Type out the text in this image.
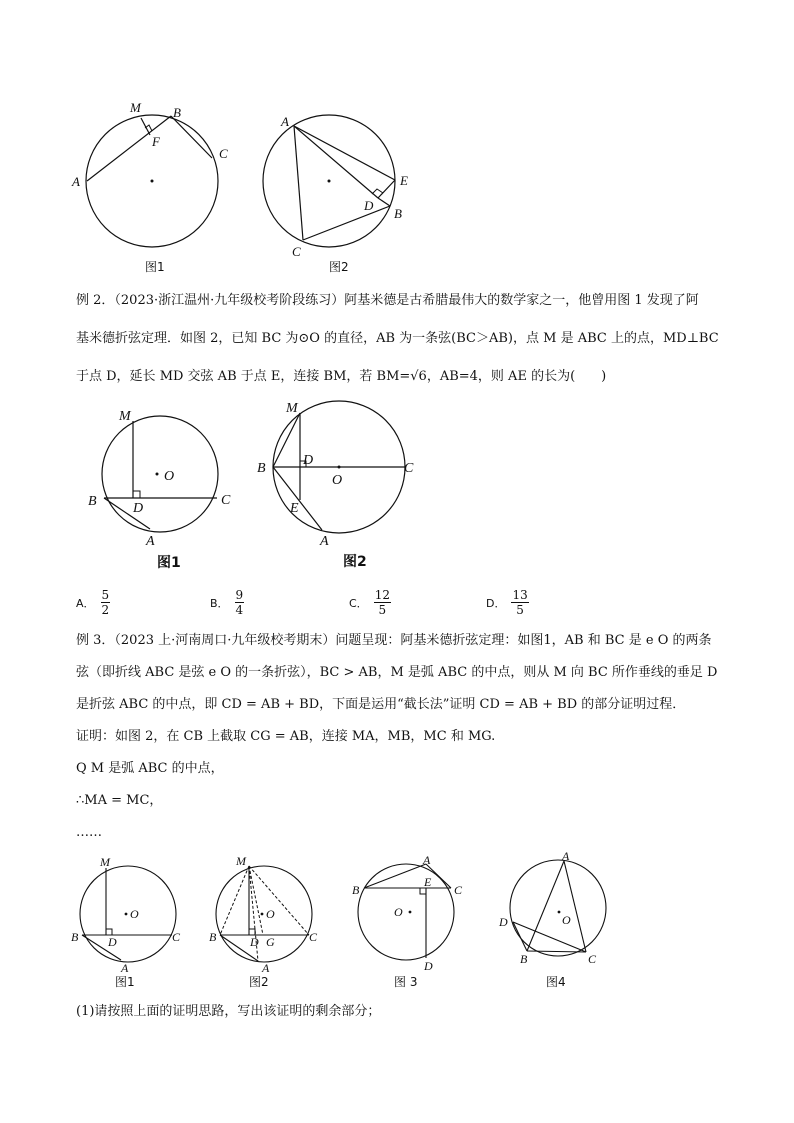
M B
F
C
A
图1
A
E
D
B
C
图2
例 2．（2023·浙江温州·九年级校考阶段练习）阿基米德是古希腊最伟大的数学家之一，他曾用图 1 发现了阿
基米德折弦定理．如图 2，已知 BC 为⊙O 的直径，AB 为一条弦(BC＞AB)，点 M 是 ABC 上的点，MD⊥BC
于点 D，延长 MD 交弦 AB 于点 E，连接 BM，若 BM=√6，AB=4，则 AE 的长为(　　)
M
O
B	D
C
A
图1
M
B
D
O
C
E
A
图2
A． $\frac{5}{2}$	B． $\frac{9}{4}$	C． $\frac{12}{5}$	D． $\frac{13}{5}$
例 3．（2023 上·河南周口·九年级校考期末）问题呈现：阿基米德折弦定理：如图1，AB 和 BC 是 e O 的两条
弦（即折线 ABC 是弦 e O 的一条折弦），BC > AB，M 是弧 ABC 的中点，则从 M 向 BC 所作垂线的垂足 D
是折弦 ABC 的中点，即 CD = AB + BD，下面是运用“截长法”证明 CD = AB + BD 的部分证明过程．
证明：如图 2，在 CB 上截取 CG = AB，连接 MA，MB，MC 和 MG.
Q M 是弧 ABC 的中点，
∴MA = MC，
……
M
O
B D	C
A
图1
M
O
B	D G	C
A
图2
A
B
E
C
O
D
图 3
A
O
D
B	C
图4
(1)请按照上面的证明思路，写出该证明的剩余部分；
